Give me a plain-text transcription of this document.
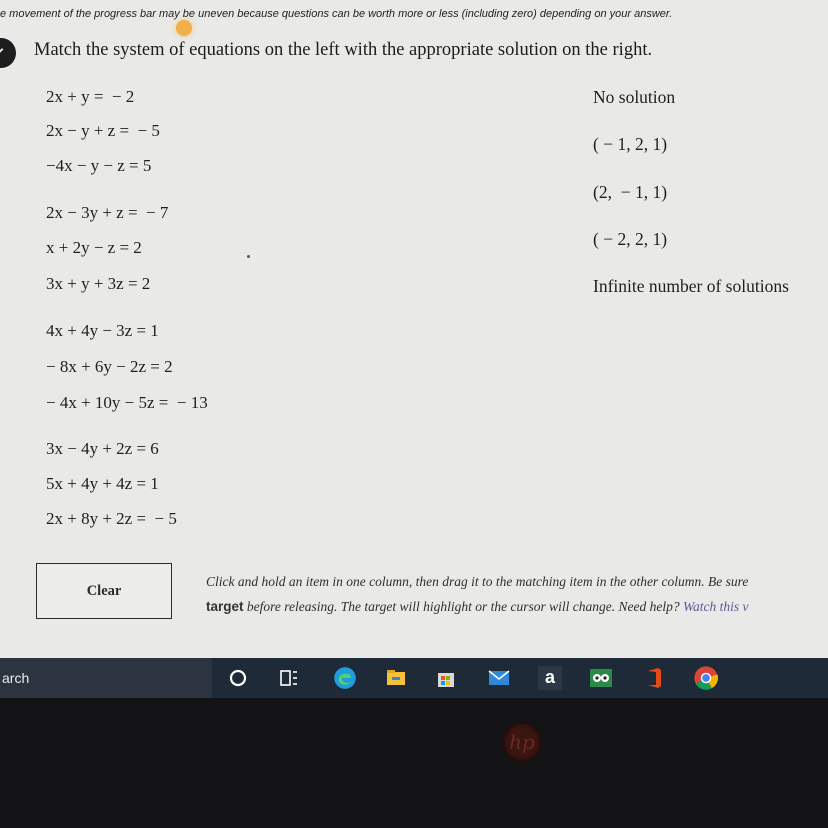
e movement of the progress bar may be uneven because questions can be worth more or less (including zero) depending on your answer.
Match the system of equations on the left with the appropriate solution on the right.
2x + y =  − 2
2x − y + z =  − 5
−4x − y − z = 5
2x − 3y + z =  − 7
x + 2y − z = 2
3x + y + 3z = 2
4x + 4y − 3z = 1
− 8x + 6y − 2z = 2
− 4x + 10y − 5z =  − 13
3x − 4y + 2z = 6
5x + 4y + 4z = 1
2x + 8y + 2z =  − 5
No solution
( − 1, 2, 1)
(2,  − 1, 1)
( − 2, 2, 1)
Infinite number of solutions
Clear
Click and hold an item in one column, then drag it to the matching item in the other column. Be sure
target before releasing. The target will highlight or the cursor will change. Need help? Watch this v
arch	a
hp
